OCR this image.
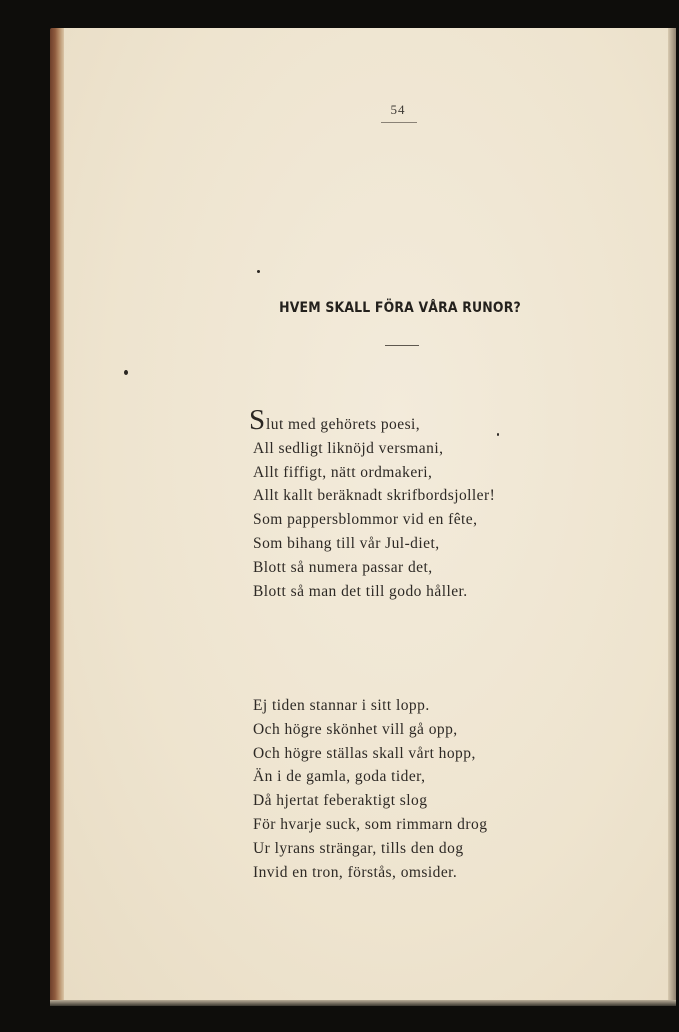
54
HVEM SKALL FÖRA VÅRA RUNOR?
S lut med gehörets poesi,
All sedligt liknöjd versmani,
Allt fiffigt, nätt ordmakeri,
Allt kallt beräknadt skrifbordsjoller!
Som pappersblommor vid en fête,
Som bihang till vår Jul-diet,
Blott så numera passar det,
Blott så man det till godo håller.
Ej tiden stannar i sitt lopp.
Och högre skönhet vill gå opp,
Och högre ställas skall vårt hopp,
Än i de gamla, goda tider,
Då hjertat feberaktigt slog
För hvarje suck, som rimmarn drog
Ur lyrans strängar, tills den dog
Invid en tron, förstås, omsider.
